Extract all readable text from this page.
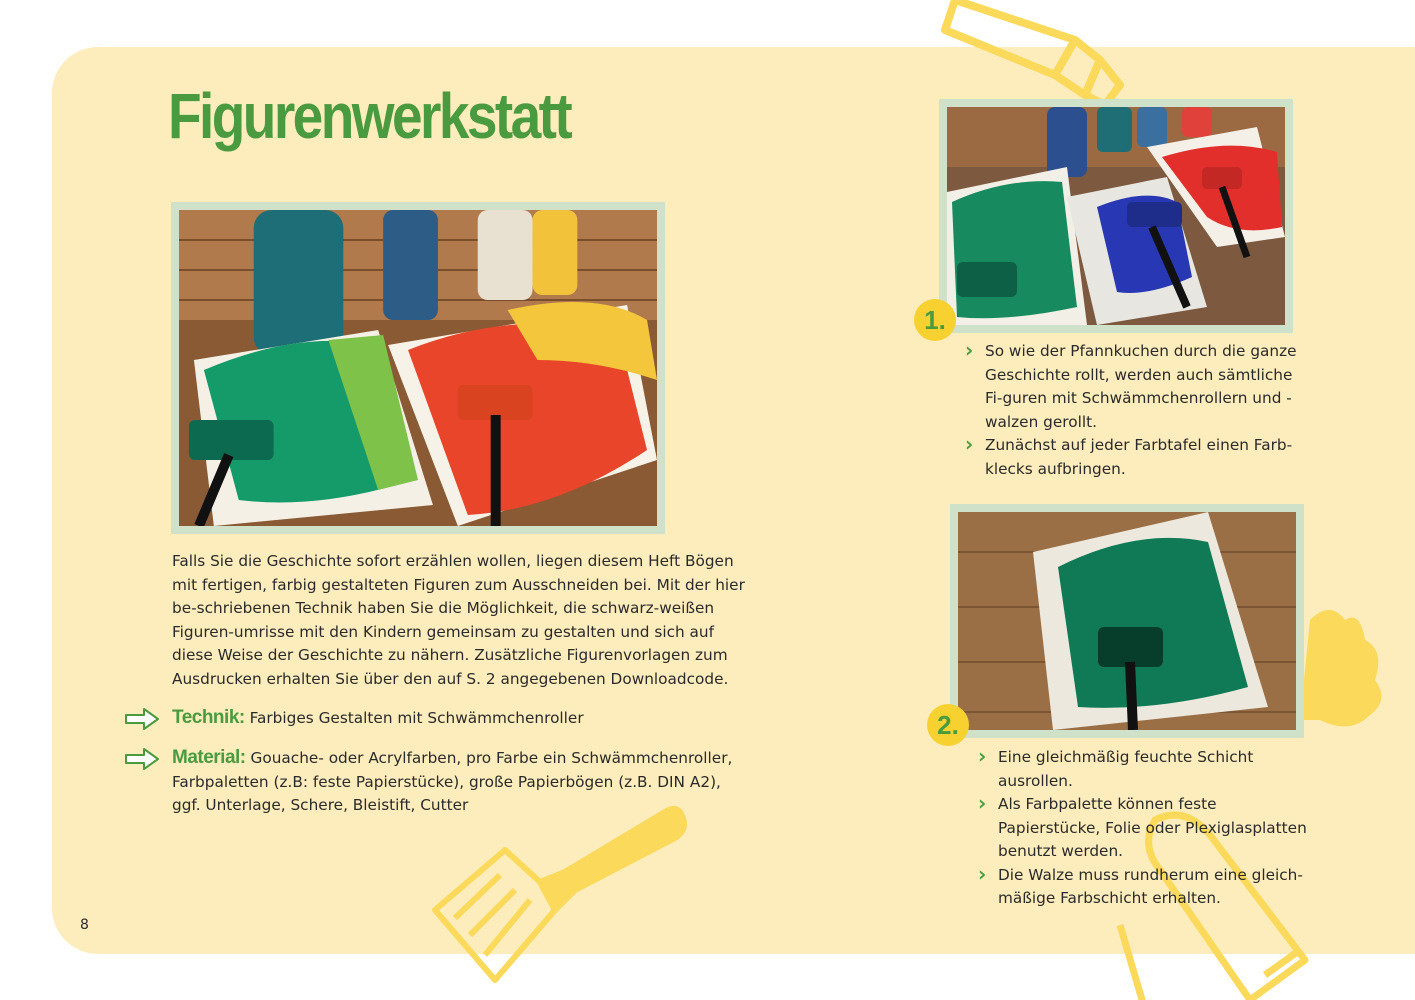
Figurenwerkstatt

Falls Sie die Geschichte sofort erzählen wollen, liegen diesem Heft Bögen mit fertigen, farbig gestalteten Figuren zum Ausschneiden bei. Mit der hier be-schriebenen Technik haben Sie die Möglichkeit, die schwarz-weißen Figuren-umrisse mit den Kindern gemeinsam zu gestalten und sich auf diese Weise der Geschichte zu nähern. Zusätzliche Figurenvorlagen zum Ausdrucken erhalten Sie über den auf S. 2 angegebenen Downloadcode.

Technik: Farbiges Gestalten mit Schwämmchenroller

Material: Gouache- oder Acrylfarben, pro Farbe ein Schwämmchenroller, Farbpaletten (z.B: feste Papierstücke), große Papierbögen (z.B. DIN A2), ggf. Unterlage, Schere, Bleistift, Cutter

1.
› So wie der Pfannkuchen durch die ganze Geschichte rollt, werden auch sämtliche Fi-guren mit Schwämmchenrollern und -walzen gerollt.
› Zunächst auf jeder Farbtafel einen Farb-klecks aufbringen.
2.
› Eine gleichmäßig feuchte Schicht ausrollen.
› Als Farbpalette können feste Papierstücke, Folie oder Plexiglasplatten benutzt werden.
› Die Walze muss rundherum eine gleich-mäßige Farbschicht erhalten.
8
